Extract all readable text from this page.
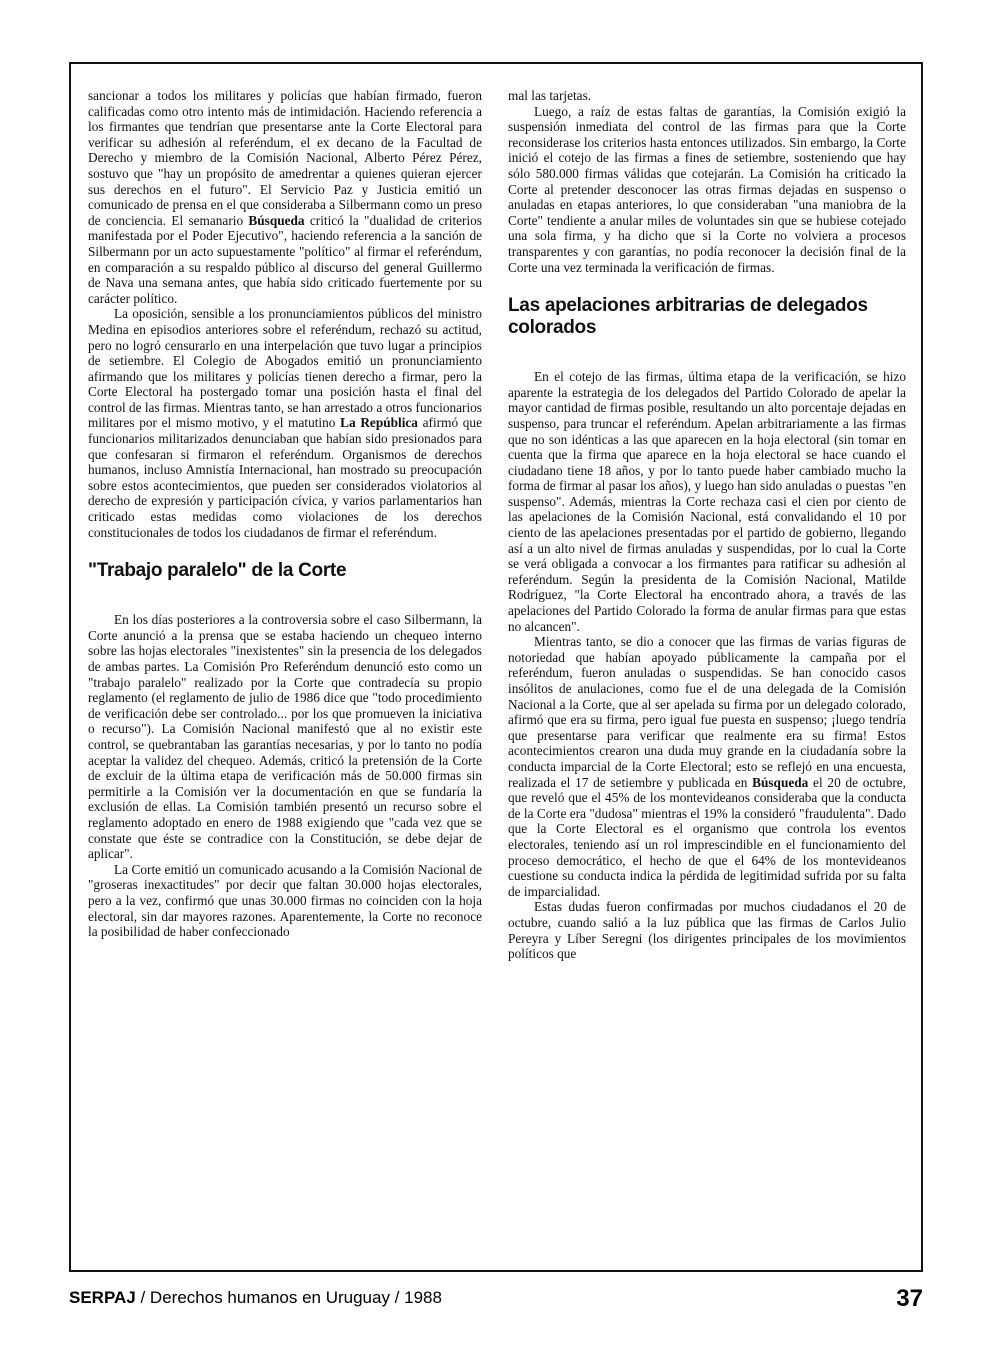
sancionar a todos los militares y policías que habían firmado, fueron calificadas como otro intento más de intimidación. Haciendo referencia a los firmantes que tendrían que presentarse ante la Corte Electoral para verificar su adhesión al referéndum, el ex decano de la Facultad de Derecho y miembro de la Comisión Nacional, Alberto Pérez Pérez, sostuvo que "hay un propósito de amedrentar a quienes quieran ejercer sus derechos en el futuro". El Servicio Paz y Justicia emitió un comunicado de prensa en el que consideraba a Silbermann como un preso de conciencia. El semanario Búsqueda criticó la "dualidad de criterios manifestada por el Poder Ejecutivo", haciendo referencia a la sanción de Silbermann por un acto supuestamente "político" al firmar el referéndum, en comparación a su respaldo público al discurso del general Guillermo de Nava una semana antes, que había sido criticado fuertemente por su carácter político.

La oposición, sensible a los pronunciamientos públicos del ministro Medina en episodios anteriores sobre el referéndum, rechazó su actitud, pero no logró censurarlo en una interpelación que tuvo lugar a principios de setiembre. El Colegio de Abogados emitió un pronunciamiento afirmando que los militares y policías tienen derecho a firmar, pero la Corte Electoral ha postergado tomar una posición hasta el final del control de las firmas. Mientras tanto, se han arrestado a otros funcionarios militares por el mismo motivo, y el matutino La República afirmó que funcionarios militarizados denunciaban que habían sido presionados para que confesaran si firmaron el referéndum. Organismos de derechos humanos, incluso Amnistía Internacional, han mostrado su preocupación sobre estos acontecimientos, que pueden ser considerados violatorios al derecho de expresión y participación cívica, y varios parlamentarios han criticado estas medidas como violaciones de los derechos constitucionales de todos los ciudadanos de firmar el referéndum.

"Trabajo paralelo" de la Corte

En los días posteriores a la controversia sobre el caso Silbermann, la Corte anunció a la prensa que se estaba haciendo un chequeo interno sobre las hojas electorales "inexistentes" sin la presencia de los delegados de ambas partes. La Comisión Pro Referéndum denunció esto como un "trabajo paralelo" realizado por la Corte que contradecía su propio reglamento (el reglamento de julio de 1986 dice que "todo procedimiento de verificación debe ser controlado... por los que promueven la iniciativa o recurso"). La Comisión Nacional manifestó que al no existir este control, se quebrantaban las garantías necesarias, y por lo tanto no podía aceptar la validez del chequeo. Además, criticó la pretensión de la Corte de excluir de la última etapa de verificación más de 50.000 firmas sin permitirle a la Comisión ver la documentación en que se fundaría la exclusión de ellas. La Comisión también presentó un recurso sobre el reglamento adoptado en enero de 1988 exigiendo que "cada vez que se constate que éste se contradice con la Constitución, se debe dejar de aplicar".

La Corte emitió un comunicado acusando a la Comisión Nacional de "groseras inexactitudes" por decir que faltan 30.000 hojas electorales, pero a la vez, confirmó que unas 30.000 firmas no coinciden con la hoja electoral, sin dar mayores razones. Aparentemente, la Corte no reconoce la posibilidad de haber confeccionado

mal las tarjetas.

Luego, a raíz de estas faltas de garantías, la Comisión exigió la suspensión inmediata del control de las firmas para que la Corte reconsiderase los criterios hasta entonces utilizados. Sin embargo, la Corte inició el cotejo de las firmas a fines de setiembre, sosteniendo que hay sólo 580.000 firmas válidas que cotejarán. La Comisión ha criticado la Corte al pretender desconocer las otras firmas dejadas en suspenso o anuladas en etapas anteriores, lo que consideraban "una maniobra de la Corte" tendiente a anular miles de voluntades sin que se hubiese cotejado una sola firma, y ha dicho que si la Corte no volviera a procesos transparentes y con garantías, no podía reconocer la decisión final de la Corte una vez terminada la verificación de firmas.

Las apelaciones arbitrarias de delegados colorados

En el cotejo de las firmas, última etapa de la verificación, se hizo aparente la estrategia de los delegados del Partido Colorado de apelar la mayor cantidad de firmas posible, resultando un alto porcentaje dejadas en suspenso, para truncar el referéndum. Apelan arbitrariamente a las firmas que no son idénticas a las que aparecen en la hoja electoral (sin tomar en cuenta que la firma que aparece en la hoja electoral se hace cuando el ciudadano tiene 18 años, y por lo tanto puede haber cambiado mucho la forma de firmar al pasar los años), y luego han sido anuladas o puestas "en suspenso". Además, mientras la Corte rechaza casi el cien por ciento de las apelaciones de la Comisión Nacional, está convalidando el 10 por ciento de las apelaciones presentadas por el partido de gobierno, llegando así a un alto nivel de firmas anuladas y suspendidas, por lo cual la Corte se verá obligada a convocar a los firmantes para ratificar su adhesión al referéndum. Según la presidenta de la Comisión Nacional, Matilde Rodríguez, "la Corte Electoral ha encontrado ahora, a través de las apelaciones del Partido Colorado la forma de anular firmas para que estas no alcancen".

Mientras tanto, se dio a conocer que las firmas de varias figuras de notoriedad que habían apoyado públicamente la campaña por el referéndum, fueron anuladas o suspendidas. Se han conocido casos insólitos de anulaciones, como fue el de una delegada de la Comisión Nacional a la Corte, que al ser apelada su firma por un delegado colorado, afirmó que era su firma, pero igual fue puesta en suspenso; ¡luego tendría que presentarse para verificar que realmente era su firma! Estos acontecimientos crearon una duda muy grande en la ciudadanía sobre la conducta imparcial de la Corte Electoral; esto se reflejó en una encuesta, realizada el 17 de setiembre y publicada en Búsqueda el 20 de octubre, que reveló que el 45% de los montevideanos consideraba que la conducta de la Corte era "dudosa" mientras el 19% la consideró "fraudulenta". Dado que la Corte Electoral es el organismo que controla los eventos electorales, teniendo así un rol imprescindible en el funcionamiento del proceso democrático, el hecho de que el 64% de los montevideanos cuestione su conducta indica la pérdida de legitimidad sufrida por su falta de imparcialidad.

Estas dudas fueron confirmadas por muchos ciudadanos el 20 de octubre, cuando salió a la luz pública que las firmas de Carlos Julio Pereyra y Líber Seregni (los dirigentes principales de los movimientos políticos que

SERPAJ / Derechos humanos en Uruguay / 1988	37
